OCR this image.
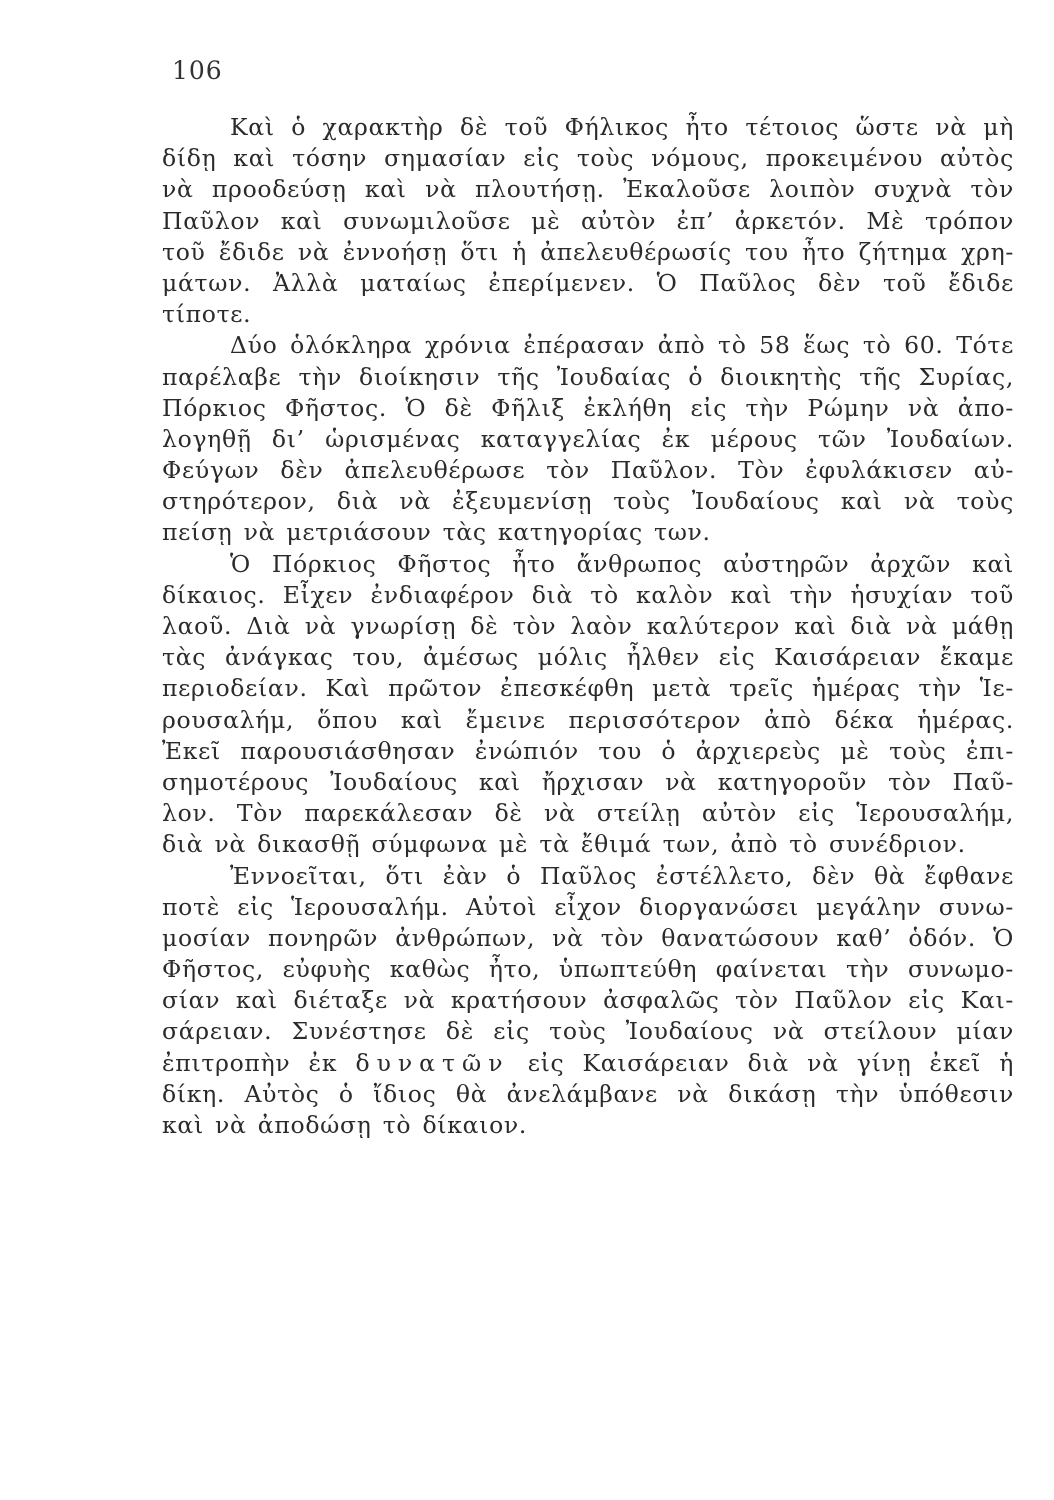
106
Καὶ ὁ χαρακτὴρ δὲ τοῦ Φήλικος ἦτο τέτοιος ὥστε νὰ μὴ
δίδῃ καὶ τόσην σημασίαν εἰς τοὺς νόμους, προκειμένου αὐτὸς
νὰ προοδεύσῃ καὶ νὰ πλουτήσῃ. Ἐκαλοῦσε λοιπὸν συχνὰ τὸν
Παῦλον καὶ συνωμιλοῦσε μὲ αὐτὸν ἐπ’ ἀρκετόν. Μὲ τρόπον
τοῦ ἔδιδε νὰ ἐννοήσῃ ὅτι ἡ ἀπελευθέρωσίς του ἦτο ζήτημα χρη-
μάτων. Ἀλλὰ ματαίως ἐπερίμενεν. Ὁ Παῦλος δὲν τοῦ ἔδιδε
τίποτε.
Δύο ὁλόκληρα χρόνια ἐπέρασαν ἀπὸ τὸ 58 ἕως τὸ 60. Τότε
παρέλαβε τὴν διοίκησιν τῆς Ἰουδαίας ὁ διοικητὴς τῆς Συρίας,
Πόρκιος Φῆστος. Ὁ δὲ Φῆλιξ ἐκλήθη εἰς τὴν Ρώμην νὰ ἀπο-
λογηθῇ δι’ ὡρισμένας καταγγελίας ἐκ μέρους τῶν Ἰουδαίων.
Φεύγων δὲν ἀπελευθέρωσε τὸν Παῦλον. Τὸν ἐφυλάκισεν αὐ-
στηρότερον, διὰ νὰ ἐξευμενίσῃ τοὺς Ἰουδαίους καὶ νὰ τοὺς
πείσῃ νὰ μετριάσουν τὰς κατηγορίας των.
Ὁ Πόρκιος Φῆστος ἦτο ἄνθρωπος αὐστηρῶν ἀρχῶν καὶ
δίκαιος. Εἶχεν ἐνδιαφέρον διὰ τὸ καλὸν καὶ τὴν ἡσυχίαν τοῦ
λαοῦ. Διὰ νὰ γνωρίσῃ δὲ τὸν λαὸν καλύτερον καὶ διὰ νὰ μάθῃ
τὰς ἀνάγκας του, ἀμέσως μόλις ἦλθεν εἰς Καισάρειαν ἔκαμε
περιοδείαν. Καὶ πρῶτον ἐπεσκέφθη μετὰ τρεῖς ἡμέρας τὴν Ἱε-
ρουσαλήμ, ὅπου καὶ ἔμεινε περισσότερον ἀπὸ δέκα ἡμέρας.
Ἐκεῖ παρουσιάσθησαν ἐνώπιόν του ὁ ἀρχιερεὺς μὲ τοὺς ἐπι-
σημοτέρους Ἰουδαίους καὶ ἤρχισαν νὰ κατηγοροῦν τὸν Παῦ-
λον. Τὸν παρεκάλεσαν δὲ νὰ στείλῃ αὐτὸν εἰς Ἱερουσαλήμ,
διὰ νὰ δικασθῇ σύμφωνα μὲ τὰ ἔθιμά των, ἀπὸ τὸ συνέδριον.
Ἐννοεῖται, ὅτι ἐὰν ὁ Παῦλος ἐστέλλετο, δὲν θὰ ἔφθανε
ποτὲ εἰς Ἱερουσαλήμ. Αὐτοὶ εἶχον διοργανώσει μεγάλην συνω-
μοσίαν πονηρῶν ἀνθρώπων, νὰ τὸν θανατώσουν καθ’ ὁδόν. Ὁ
Φῆστος, εὐφυὴς καθὼς ἦτο, ὑπωπτεύθη φαίνεται τὴν συνωμο-
σίαν καὶ διέταξε νὰ κρατήσουν ἀσφαλῶς τὸν Παῦλον εἰς Και-
σάρειαν. Συνέστησε δὲ εἰς τοὺς Ἰουδαίους νὰ στείλουν μίαν
ἐπιτροπὴν ἐκ δυνατῶν εἰς Καισάρειαν διὰ νὰ γίνῃ ἐκεῖ ἡ
δίκη. Αὐτὸς ὁ ἴδιος θὰ ἀνελάμβανε νὰ δικάσῃ τὴν ὑπόθεσιν
καὶ νὰ ἀποδώσῃ τὸ δίκαιον.
